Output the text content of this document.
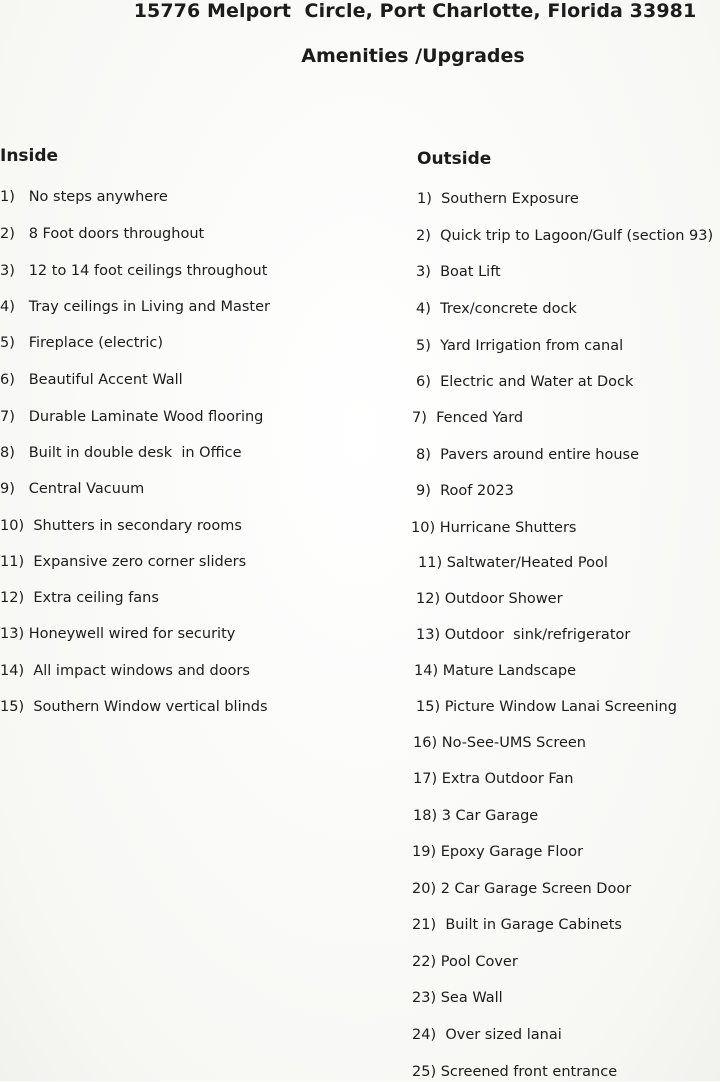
15776 Melport  Circle, Port Charlotte, Florida 33981
Amenities /Upgrades
Inside	Outside
1)   No steps anywhere
2)   8 Foot doors throughout
3)   12 to 14 foot ceilings throughout
4)   Tray ceilings in Living and Master
5)   Fireplace (electric)
6)   Beautiful Accent Wall
7)   Durable Laminate Wood flooring
8)   Built in double desk  in Office
9)   Central Vacuum
10)  Shutters in secondary rooms
11)  Expansive zero corner sliders
12)  Extra ceiling fans
13) Honeywell wired for security
14)  All impact windows and doors
15)  Southern Window vertical blinds
1)  Southern Exposure
2)  Quick trip to Lagoon/Gulf (section 93)
3)  Boat Lift
4)  Trex/concrete dock
5)  Yard Irrigation from canal
6)  Electric and Water at Dock
7)  Fenced Yard
8)  Pavers around entire house
9)  Roof 2023
10) Hurricane Shutters
11) Saltwater/Heated Pool
12) Outdoor Shower
13) Outdoor  sink/refrigerator
14) Mature Landscape
15) Picture Window Lanai Screening
16) No-See-UMS Screen
17) Extra Outdoor Fan
18) 3 Car Garage
19) Epoxy Garage Floor
20) 2 Car Garage Screen Door
21)  Built in Garage Cabinets
22) Pool Cover
23) Sea Wall
24)  Over sized lanai
25) Screened front entrance
